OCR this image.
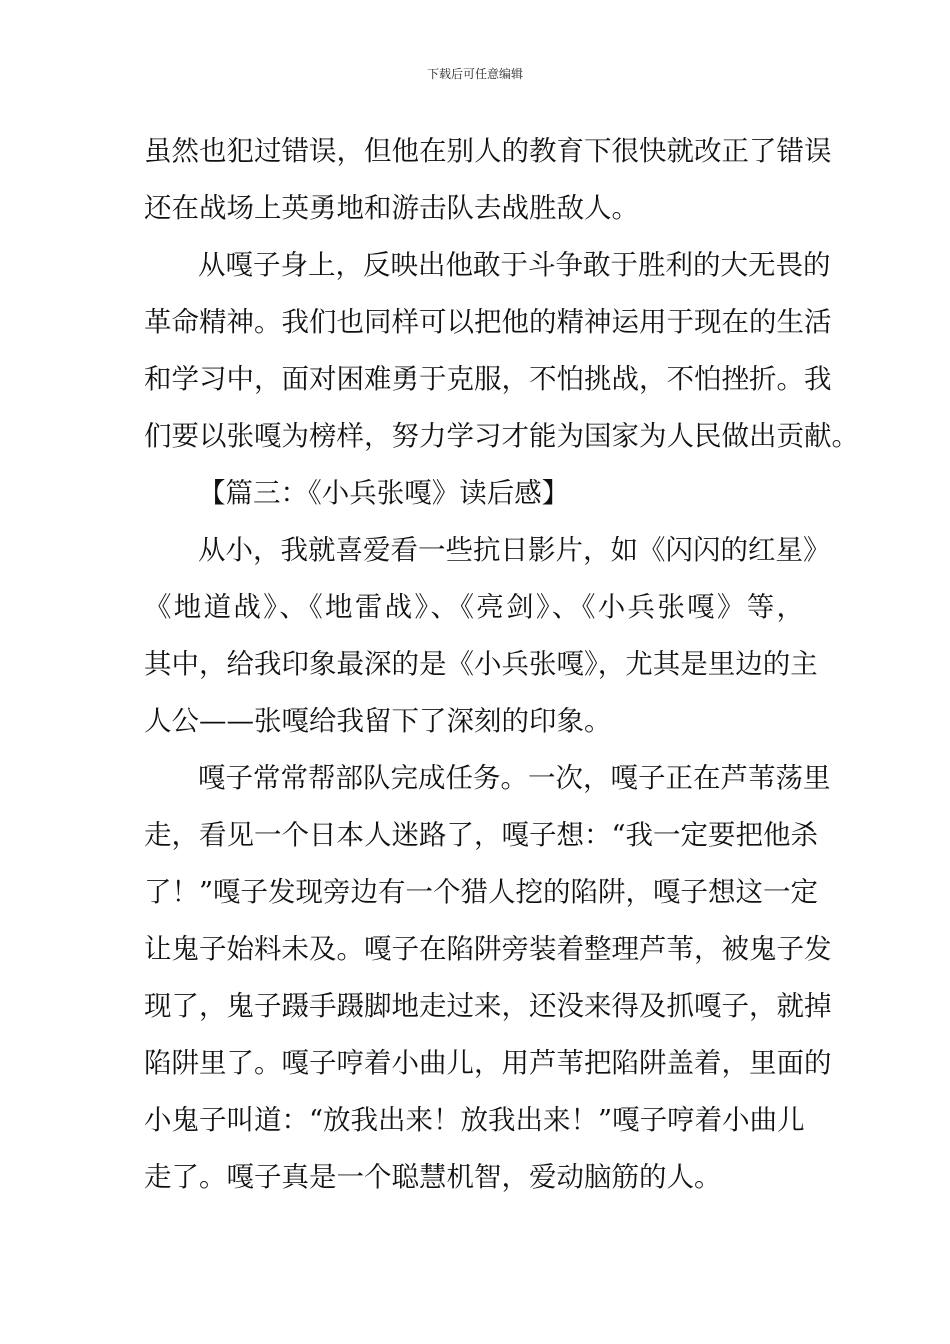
下载后可任意编辑
虽然也犯过错误，但他在别人的教育下很快就改正了错误
还在战场上英勇地和游击队去战胜敌人。
从嘎子身上，反映出他敢于斗争敢于胜利的大无畏的
革命精神。我们也同样可以把他的精神运用于现在的生活
和学习中，面对困难勇于克服，不怕挑战，不怕挫折。我
们要以张嘎为榜样，努力学习才能为国家为人民做出贡献。
【篇三：《小兵张嘎》读后感】
从小，我就喜爱看一些抗日影片，如《闪闪的红星》
《地道战》、《地雷战》、《亮剑》、《小兵张嘎》等，
其中，给我印象最深的是《小兵张嘎》，尤其是里边的主
人公——张嘎给我留下了深刻的印象。
嘎子常常帮部队完成任务。一次，嘎子正在芦苇荡里
走，看见一个日本人迷路了，嘎子想：“我一定要把他杀
了！”嘎子发现旁边有一个猎人挖的陷阱，嘎子想这一定
让鬼子始料未及。嘎子在陷阱旁装着整理芦苇，被鬼子发
现了，鬼子蹑手蹑脚地走过来，还没来得及抓嘎子，就掉
陷阱里了。嘎子哼着小曲儿，用芦苇把陷阱盖着，里面的
小鬼子叫道：“放我出来！放我出来！”嘎子哼着小曲儿
走了。嘎子真是一个聪慧机智，爱动脑筋的人。
